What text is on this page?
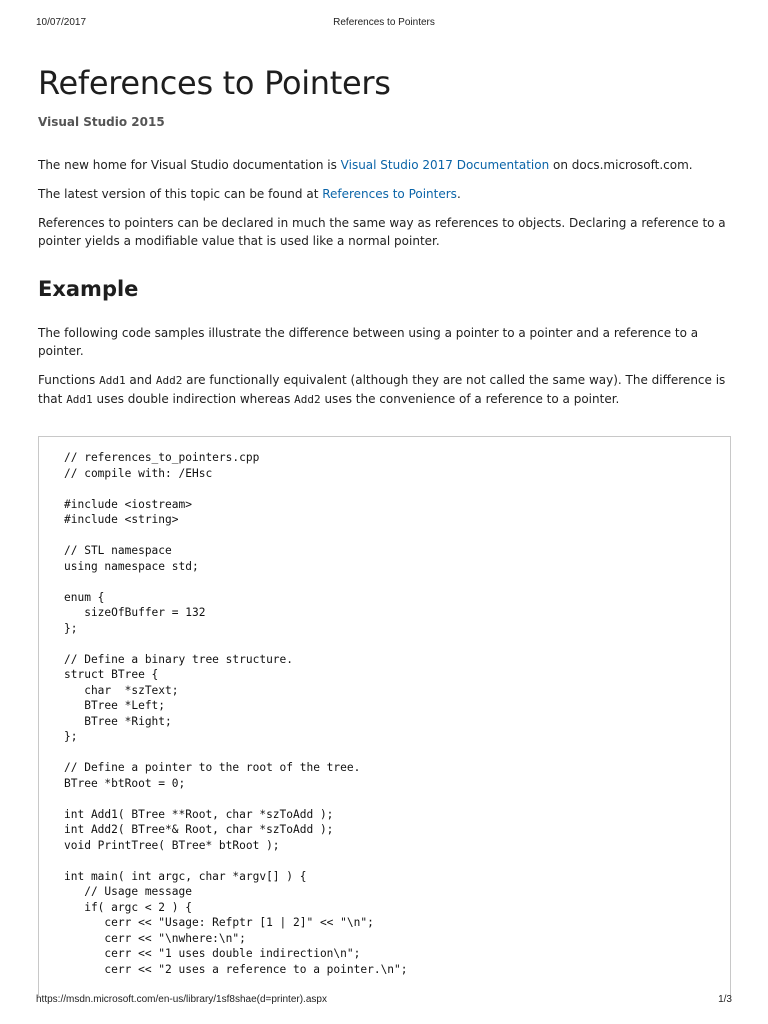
10/07/2017	References to Pointers
References to Pointers
Visual Studio 2015

The new home for Visual Studio documentation is Visual Studio 2017 Documentation on docs.microsoft.com.

The latest version of this topic can be found at References to Pointers.

References to pointers can be declared in much the same way as references to objects. Declaring a reference to a pointer yields a modifiable value that is used like a normal pointer.

Example

The following code samples illustrate the difference between using a pointer to a pointer and a reference to a pointer.

Functions Add1 and Add2 are functionally equivalent (although they are not called the same way). The difference is that Add1 uses double indirection whereas Add2 uses the convenience of a reference to a pointer.

// references_to_pointers.cpp
// compile with: /EHsc
#include <iostream>
#include <string>
// STL namespace
using namespace std;
enum {
sizeOfBuffer = 132
};
// Define a binary tree structure.
struct BTree {
char  *szText;
BTree *Left;
BTree *Right;
};
// Define a pointer to the root of the tree.
BTree *btRoot = 0;
int Add1( BTree **Root, char *szToAdd );
int Add2( BTree*& Root, char *szToAdd );
void PrintTree( BTree* btRoot );
int main( int argc, char *argv[] ) {
// Usage message
if( argc < 2 ) {
cerr << "Usage: Refptr [1 | 2]" << "\n";
cerr << "\nwhere:\n";
cerr << "1 uses double indirection\n";
cerr << "2 uses a reference to a pointer.\n";
https://msdn.microsoft.com/en-us/library/1sf8shae(d=printer).aspx	1/3
